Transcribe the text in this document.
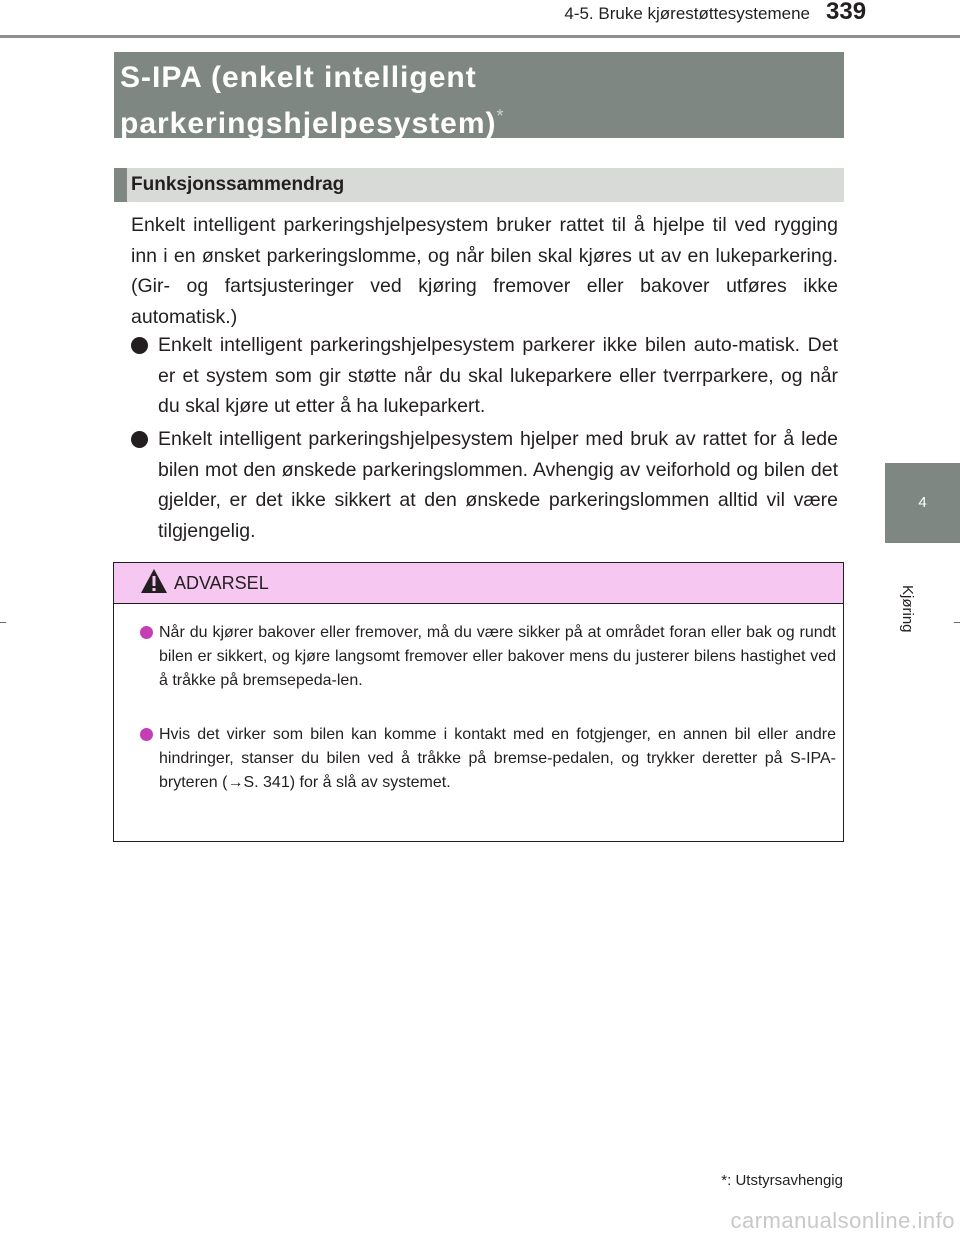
4-5. Bruke kjørestøttesystemene 339
4
Kjøring
S-IPA (enkelt intelligent
parkeringshjelpesystem)*
Funksjonssammendrag
Enkelt intelligent parkeringshjelpesystem bruker rattet til å hjelpe til ved rygging inn i en ønsket parkeringslomme, og når bilen skal kjøres ut av en lukeparkering. (Gir- og fartsjusteringer ved kjøring fremover eller bakover utføres ikke automatisk.)
Enkelt intelligent parkeringshjelpesystem parkerer ikke bilen auto-matisk. Det er et system som gir støtte når du skal lukeparkere eller tverrparkere, og når du skal kjøre ut etter å ha lukeparkert.
Enkelt intelligent parkeringshjelpesystem hjelper med bruk av rattet for å lede bilen mot den ønskede parkeringslommen. Avhengig av veiforhold og bilen det gjelder, er det ikke sikkert at den ønskede parkeringslommen alltid vil være tilgjengelig.
ADVARSEL
Når du kjører bakover eller fremover, må du være sikker på at området foran eller bak og rundt bilen er sikkert, og kjøre langsomt fremover eller bakover mens du justerer bilens hastighet ved å tråkke på bremsepeda-len.
Hvis det virker som bilen kan komme i kontakt med en fotgjenger, en annen bil eller andre hindringer, stanser du bilen ved å tråkke på bremse-pedalen, og trykker deretter på S-IPA-bryteren (→S. 341) for å slå av systemet.
*: Utstyrsavhengig
carmanualsonline.info
